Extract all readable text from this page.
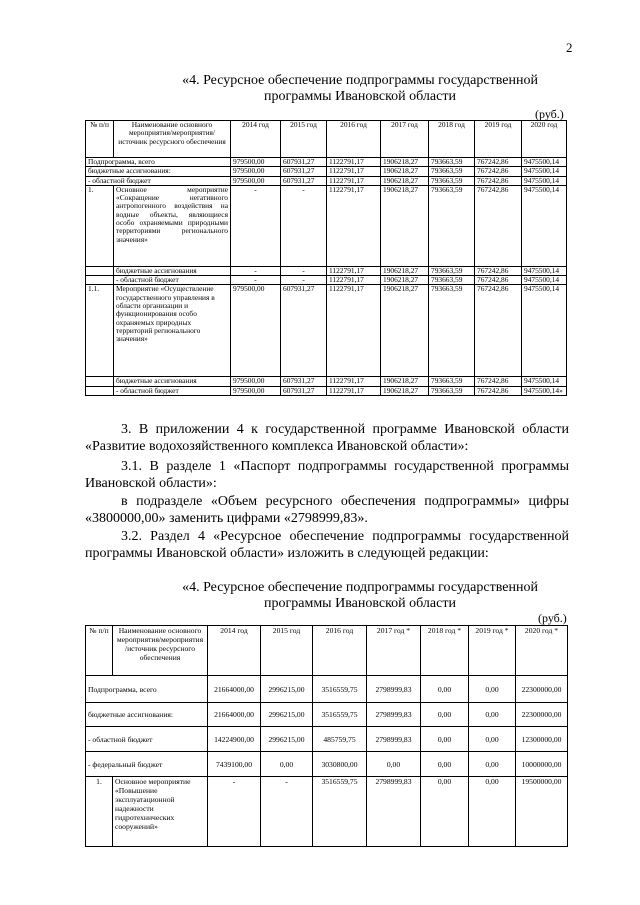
2
«4. Ресурсное обеспечение подпрограммы государственной
программы Ивановской области
(руб.)
№ п/п	Наименование основного мероприятия/мероприятия/ источник ресурсного обеспечения	2014 год	2015 год	2016 год	2017 год	2018 год	2019 год	2020 год
Подпрограмма, всего		979500,00	607931,27	1122791,17	1906218,27	793663,59	767242,86	9475500,14
бюджетные ассигнования:		979500,00	607931,27	1122791,17	1906218,27	793663,59	767242,86	9475500,14
- областной бюджет		979500,00	607931,27	1122791,17	1906218,27	793663,59	767242,86	9475500,14
1.	Основное мероприятие «Сокращение негативного антропогенного воздействия на водные объекты, являющиеся особо охраняемыми природными территориями регионального значения»	-	-	1122791,17	1906218,27	793663,59	767242,86	9475500,14
	бюджетные ассигнования	-	-	1122791,17	1906218,27	793663,59	767242,86	9475500,14
	- областной бюджет	-	-	1122791,17	1906218,27	793663,59	767242,86	9475500,14
1.1.	Мероприятие «Осуществление государственного управления в области организации и функционирования особо охраняемых природных территорий регионального значения»	979500,00	607931,27	1122791,17	1906218,27	793663,59	767242,86	9475500,14
	бюджетные ассигнования	979500,00	607931,27	1122791,17	1906218,27	793663,59	767242,86	9475500,14
	- областной бюджет	979500,00	607931,27	1122791,17	1906218,27	793663,59	767242,86	9475500,14»
3. В приложении 4 к государственной программе Ивановской области «Развитие водохозяйственного комплекса Ивановской области»:
3.1. В разделе 1 «Паспорт подпрограммы государственной программы Ивановской области»:
в подразделе «Объем ресурсного обеспечения подпрограммы» цифры «3800000,00» заменить цифрами «2798999,83».
3.2. Раздел 4 «Ресурсное обеспечение подпрограммы государственной программы Ивановской области» изложить в следующей редакции:
«4. Ресурсное обеспечение подпрограммы государственной
программы Ивановской области
(руб.)
№ п/п	Наименование основного мероприятия/мероприятия /источник ресурсного обеспечения	2014 год	2015 год	2016 год	2017 год *	2018 год *	2019 год *	2020 год *
Подпрограмма, всего		21664000,00	2996215,00	3516559,75	2798999,83	0,00	0,00	22300000,00
бюджетные ассигнования:		21664000,00	2996215,00	3516559,75	2798999,83	0,00	0,00	22300000,00
- областной бюджет		14224900,00	2996215,00	485759,75	2798999,83	0,00	0,00	12300000,00
- федеральный бюджет		7439100,00	0,00	3030800,00	0,00	0,00	0,00	10000000,00
1.	Основное мероприятие «Повышение эксплуатационной надежности гидротехнических сооружений»	-	-	3516559,75	2798999,83	0,00	0,00	19500000,00
